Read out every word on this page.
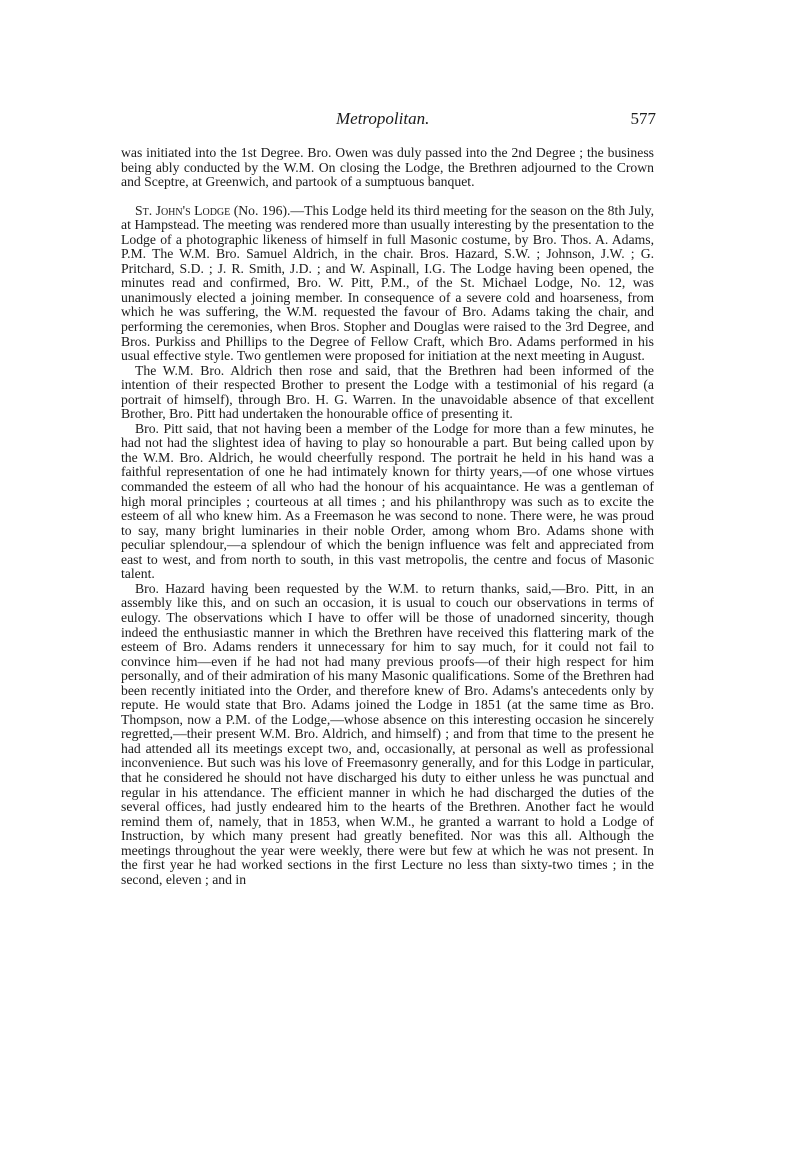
Metropolitan.	577

was initiated into the 1st Degree. Bro. Owen was duly passed into the 2nd Degree ; the business being ably conducted by the W.M. On closing the Lodge, the Brethren adjourned to the Crown and Sceptre, at Greenwich, and partook of a sumptuous banquet.

St. John's Lodge (No. 196).—This Lodge held its third meeting for the season on the 8th July, at Hampstead. The meeting was rendered more than usually interesting by the presentation to the Lodge of a photographic likeness of himself in full Masonic costume, by Bro. Thos. A. Adams, P.M. The W.M. Bro. Samuel Aldrich, in the chair. Bros. Hazard, S.W. ; Johnson, J.W. ; G. Pritchard, S.D. ; J. R. Smith, J.D. ; and W. Aspinall, I.G. The Lodge having been opened, the minutes read and confirmed, Bro. W. Pitt, P.M., of the St. Michael Lodge, No. 12, was unanimously elected a joining member. In consequence of a severe cold and hoarseness, from which he was suffering, the W.M. requested the favour of Bro. Adams taking the chair, and performing the ceremonies, when Bros. Stopher and Douglas were raised to the 3rd Degree, and Bros. Purkiss and Phillips to the Degree of Fellow Craft, which Bro. Adams performed in his usual effective style. Two gentlemen were proposed for initiation at the next meeting in August.

The W.M. Bro. Aldrich then rose and said, that the Brethren had been informed of the intention of their respected Brother to present the Lodge with a testimonial of his regard (a portrait of himself), through Bro. H. G. Warren. In the unavoidable absence of that excellent Brother, Bro. Pitt had undertaken the honourable office of presenting it.

Bro. Pitt said, that not having been a member of the Lodge for more than a few minutes, he had not had the slightest idea of having to play so honourable a part. But being called upon by the W.M. Bro. Aldrich, he would cheerfully respond. The portrait he held in his hand was a faithful representation of one he had intimately known for thirty years,—of one whose virtues commanded the esteem of all who had the honour of his acquaintance. He was a gentleman of high moral principles ; courteous at all times ; and his philanthropy was such as to excite the esteem of all who knew him. As a Freemason he was second to none. There were, he was proud to say, many bright luminaries in their noble Order, among whom Bro. Adams shone with peculiar splendour,—a splendour of which the benign influence was felt and appreciated from east to west, and from north to south, in this vast metropolis, the centre and focus of Masonic talent.

Bro. Hazard having been requested by the W.M. to return thanks, said,—Bro. Pitt, in an assembly like this, and on such an occasion, it is usual to couch our observations in terms of eulogy. The observations which I have to offer will be those of unadorned sincerity, though indeed the enthusiastic manner in which the Brethren have received this flattering mark of the esteem of Bro. Adams renders it unnecessary for him to say much, for it could not fail to convince him—even if he had not had many previous proofs—of their high respect for him personally, and of their admiration of his many Masonic qualifications. Some of the Brethren had been recently initiated into the Order, and therefore knew of Bro. Adams's antecedents only by repute. He would state that Bro. Adams joined the Lodge in 1851 (at the same time as Bro. Thompson, now a P.M. of the Lodge,—whose absence on this interesting occasion he sincerely regretted,—their present W.M. Bro. Aldrich, and himself) ; and from that time to the present he had attended all its meetings except two, and, occasionally, at personal as well as professional inconvenience. But such was his love of Freemasonry generally, and for this Lodge in particular, that he considered he should not have discharged his duty to either unless he was punctual and regular in his attendance. The efficient manner in which he had discharged the duties of the several offices, had justly endeared him to the hearts of the Brethren. Another fact he would remind them of, namely, that in 1853, when W.M., he granted a warrant to hold a Lodge of Instruction, by which many present had greatly benefited. Nor was this all. Although the meetings throughout the year were weekly, there were but few at which he was not present. In the first year he had worked sections in the first Lecture no less than sixty-two times ; in the second, eleven ; and in
